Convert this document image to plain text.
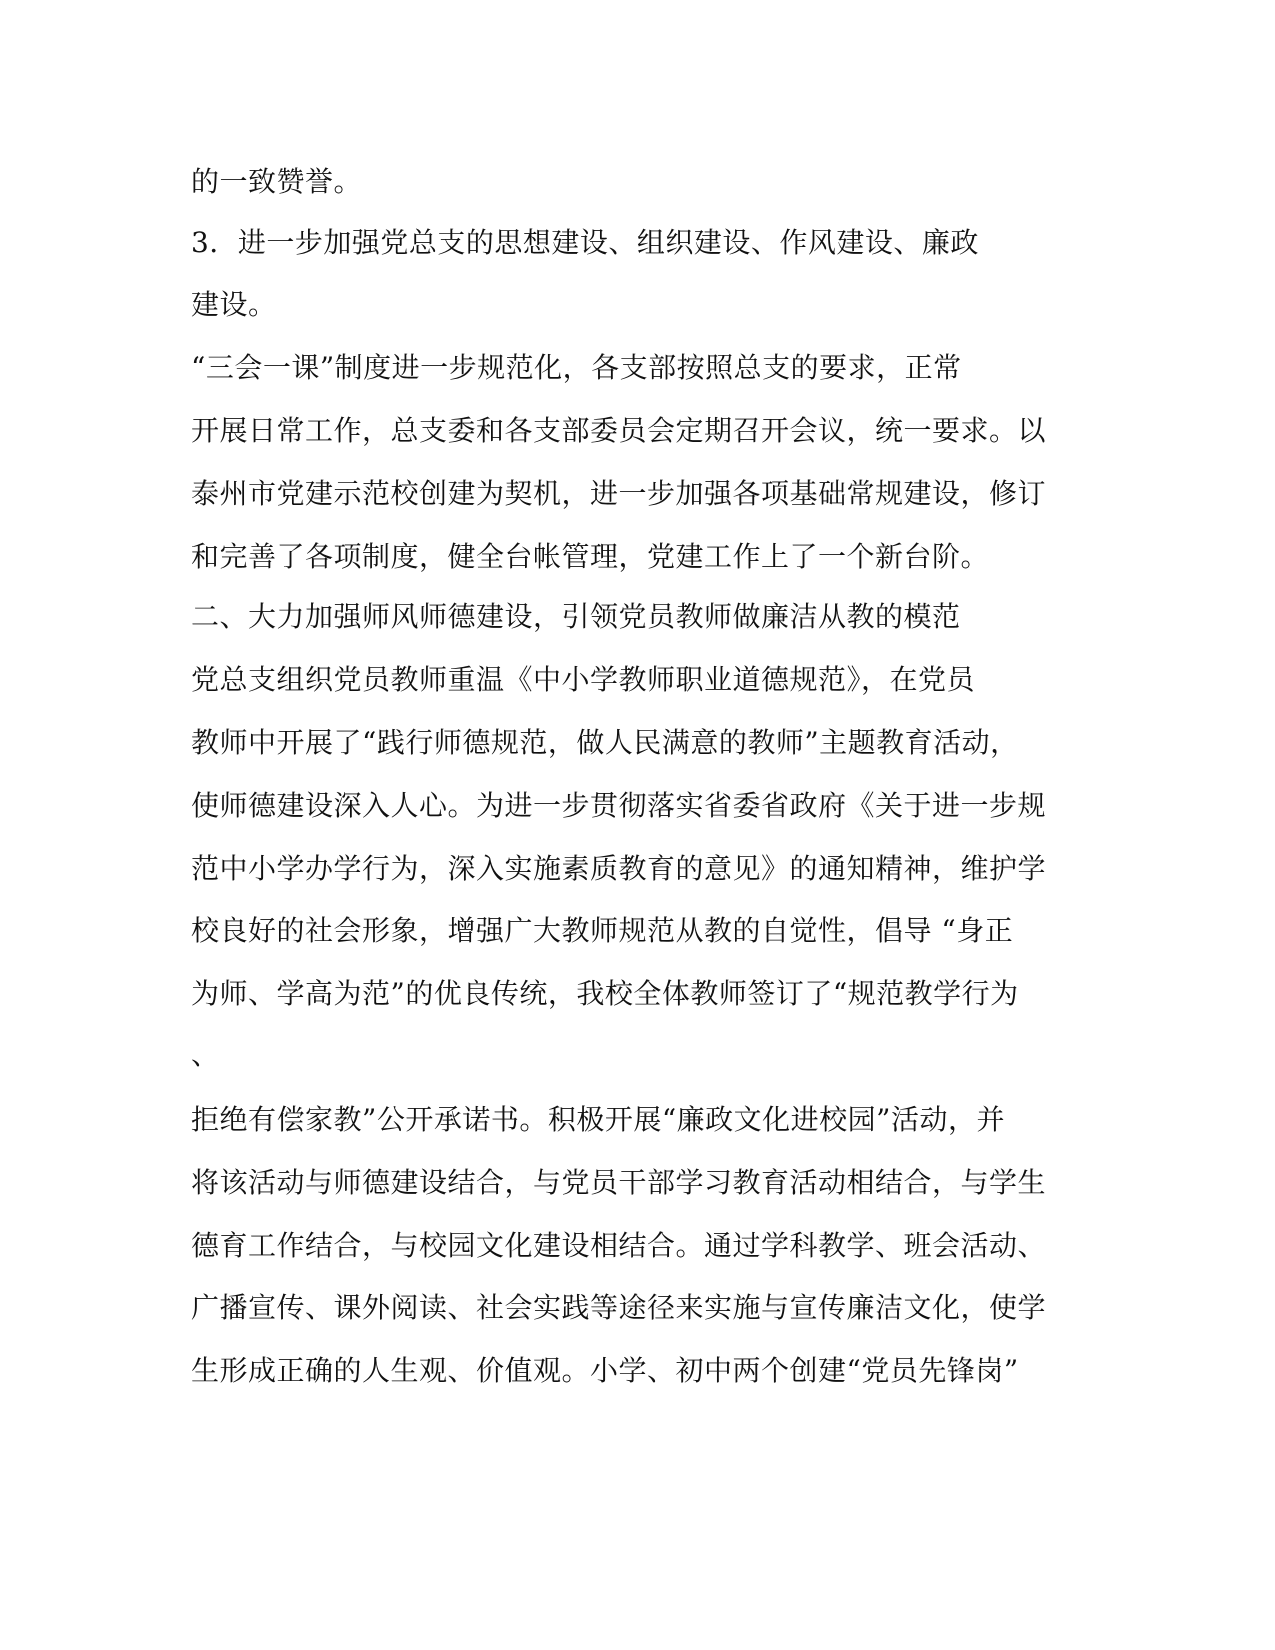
的一致赞誉。

3．进一步加强党总支的思想建设、组织建设、作风建设、廉政

建设。

“三会一课”制度进一步规范化，各支部按照总支的要求，正常

开展日常工作，总支委和各支部委员会定期召开会议，统一要求。以

泰州市党建示范校创建为契机，进一步加强各项基础常规建设，修订

和完善了各项制度，健全台帐管理，党建工作上了一个新台阶。

二、大力加强师风师德建设，引领党员教师做廉洁从教的模范

党总支组织党员教师重温《中小学教师职业道德规范》，在党员

教师中开展了“践行师德规范，做人民满意的教师”主题教育活动，

使师德建设深入人心。为进一步贯彻落实省委省政府《关于进一步规

范中小学办学行为，深入实施素质教育的意见》的通知精神，维护学

校良好的社会形象，增强广大教师规范从教的自觉性，倡导 “身正

为师、学高为范”的优良传统，我校全体教师签订了“规范教学行为

、

拒绝有偿家教”公开承诺书。积极开展“廉政文化进校园”活动，并

将该活动与师德建设结合，与党员干部学习教育活动相结合，与学生

德育工作结合，与校园文化建设相结合。通过学科教学、班会活动、

广播宣传、课外阅读、社会实践等途径来实施与宣传廉洁文化，使学

生形成正确的人生观、价值观。小学、初中两个创建“党员先锋岗”
